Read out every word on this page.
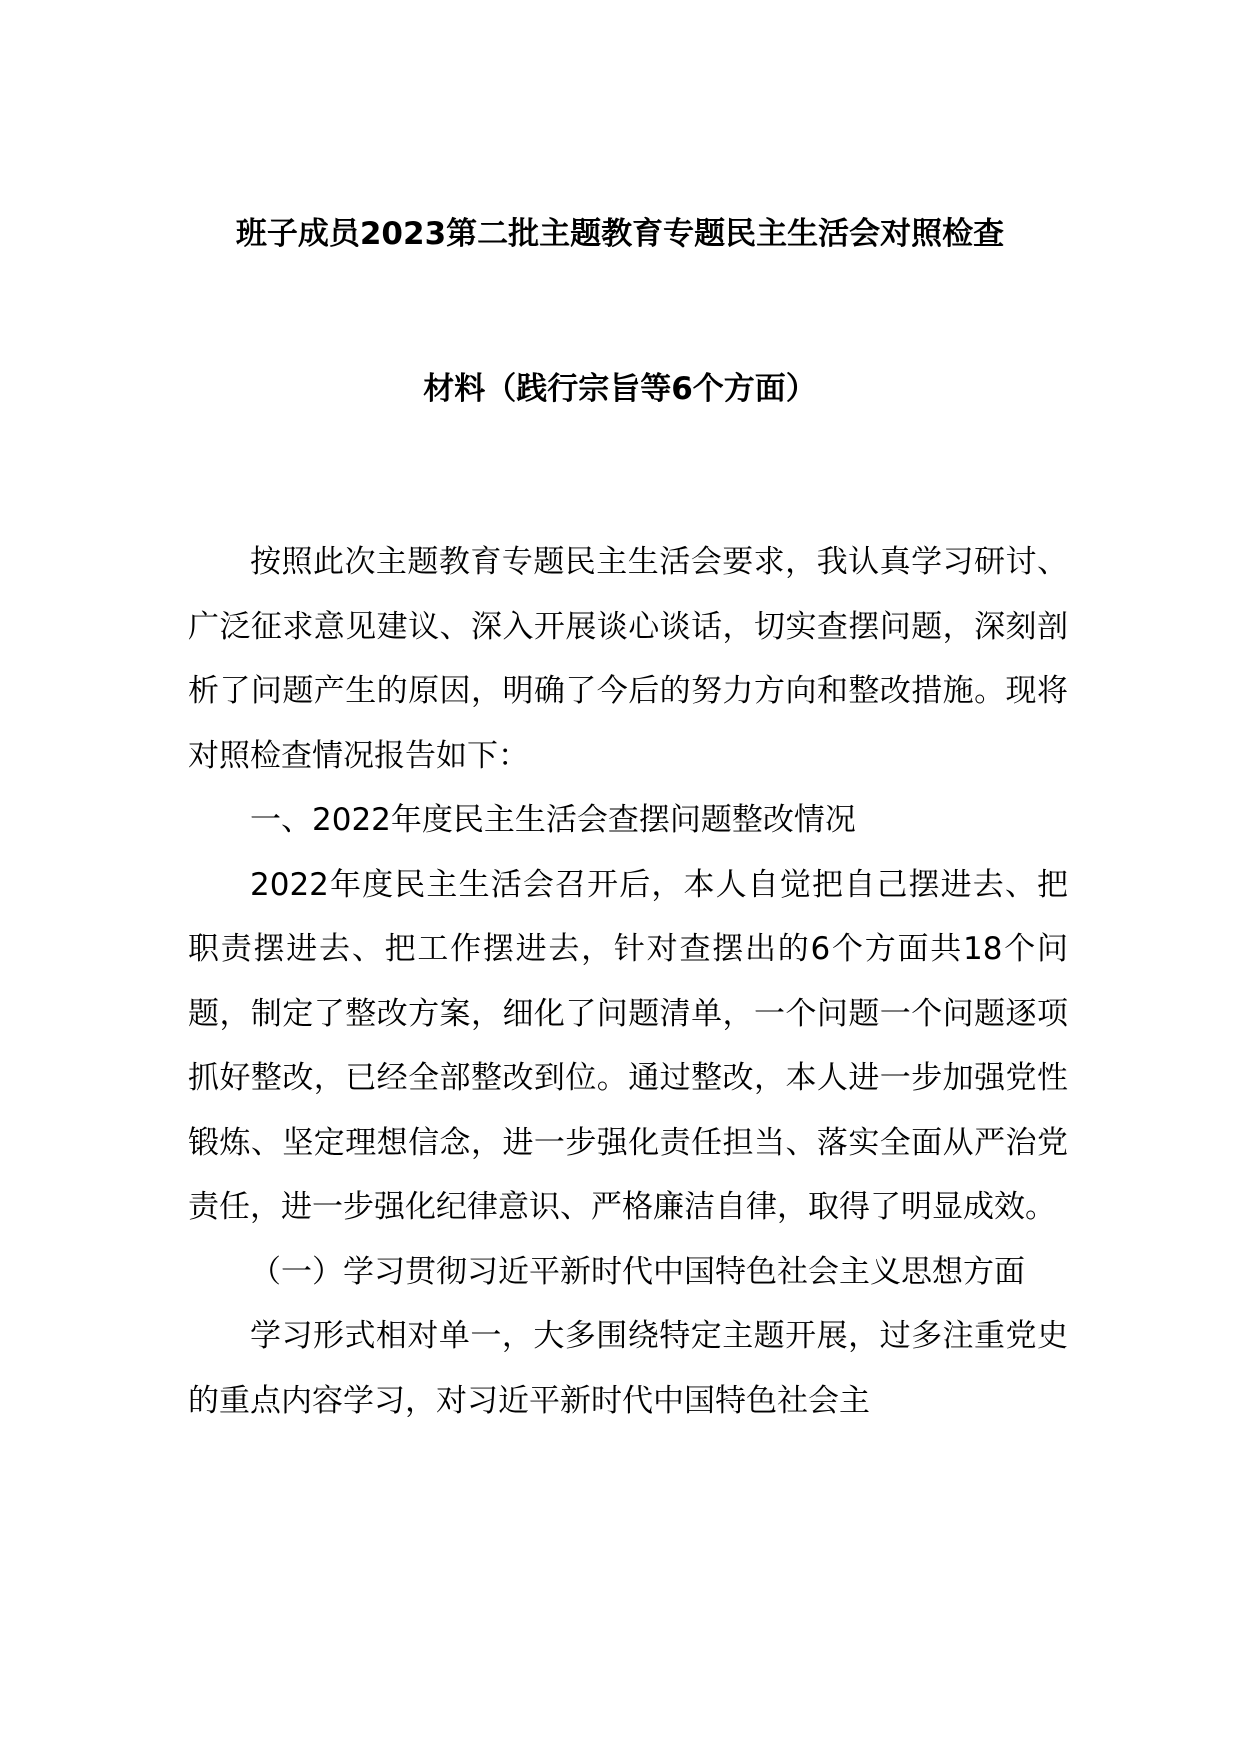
班子成员2023第二批主题教育专题民主生活会对照检查
材料（践行宗旨等6个方面）

按照此次主题教育专题民主生活会要求，我认真学习研讨、广泛征求意见建议、深入开展谈心谈话，切实查摆问题，深刻剖析了问题产生的原因，明确了今后的努力方向和整改措施。现将对照检查情况报告如下：

一、2022年度民主生活会查摆问题整改情况

2022年度民主生活会召开后，本人自觉把自己摆进去、把职责摆进去、把工作摆进去，针对查摆出的6个方面共18个问题，制定了整改方案，细化了问题清单，一个问题一个问题逐项抓好整改，已经全部整改到位。通过整改，本人进一步加强党性锻炼、坚定理想信念，进一步强化责任担当、落实全面从严治党责任，进一步强化纪律意识、严格廉洁自律，取得了明显成效。

（一）学习贯彻习近平新时代中国特色社会主义思想方面

学习形式相对单一，大多围绕特定主题开展，过多注重党史的重点内容学习，对习近平新时代中国特色社会主
